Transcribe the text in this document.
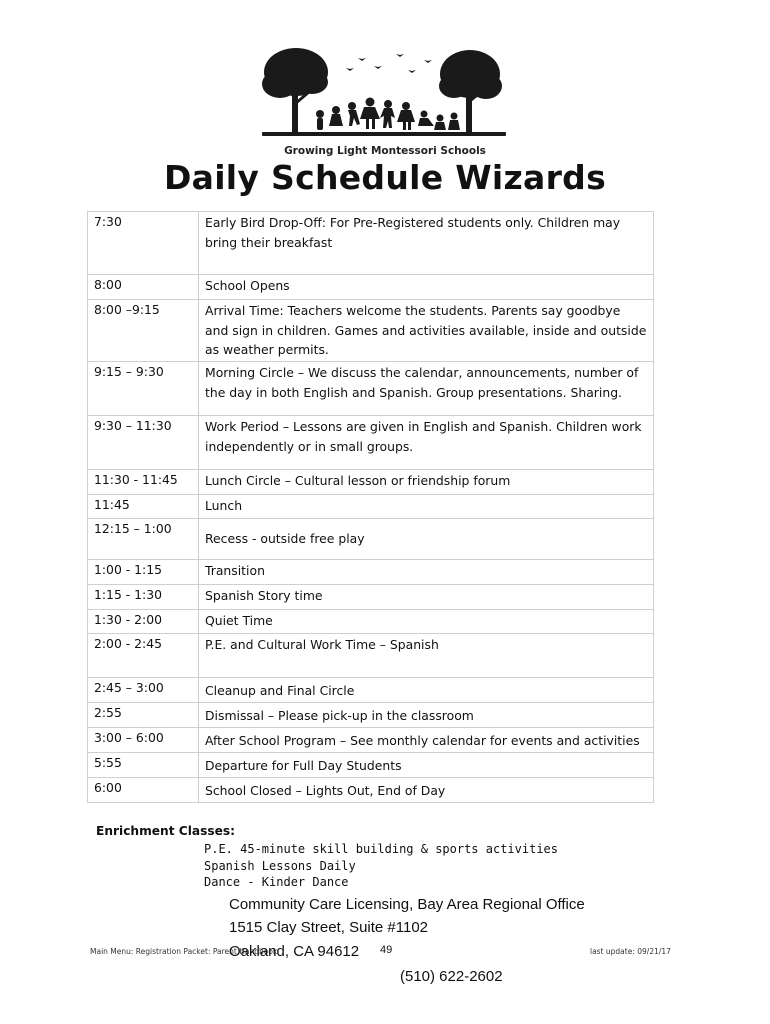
Growing Light Montessori Schools
Daily Schedule Wizards
7:30	Early Bird Drop-Off: For Pre-Registered students only. Children may bring their breakfast
8:00	School Opens
8:00 –9:15	Arrival Time: Teachers welcome the students. Parents say goodbye and sign in children. Games and activities available, inside and outside as weather permits.
9:15 – 9:30	Morning Circle – We discuss the calendar, announcements, number of the day in both English and Spanish. Group presentations. Sharing.
9:30 – 11:30	Work Period – Lessons are given in English and Spanish. Children work independently or in small groups.
11:30 - 11:45	Lunch Circle – Cultural lesson or friendship forum
11:45	Lunch
12:15 – 1:00	Recess - outside free play
1:00 - 1:15	Transition
1:15 - 1:30	Spanish Story time
1:30 - 2:00	Quiet Time
2:00 - 2:45	P.E. and Cultural Work Time – Spanish
2:45 – 3:00	Cleanup and Final Circle
2:55	Dismissal – Please pick-up in the classroom
3:00 – 6:00	After School Program – See monthly calendar for events and activities
5:55	Departure for Full Day Students
6:00	School Closed – Lights Out, End of Day
Enrichment Classes:
P.E. 45-minute skill building & sports activities
Spanish Lessons Daily
Dance - Kinder Dance
Community Care Licensing, Bay Area Regional Office
1515 Clay Street, Suite #1102
Main Menu: Registration Packet: Parent Handbook
Oakland, CA 94612 49	last update: 09/21/17
(510) 622-2602
